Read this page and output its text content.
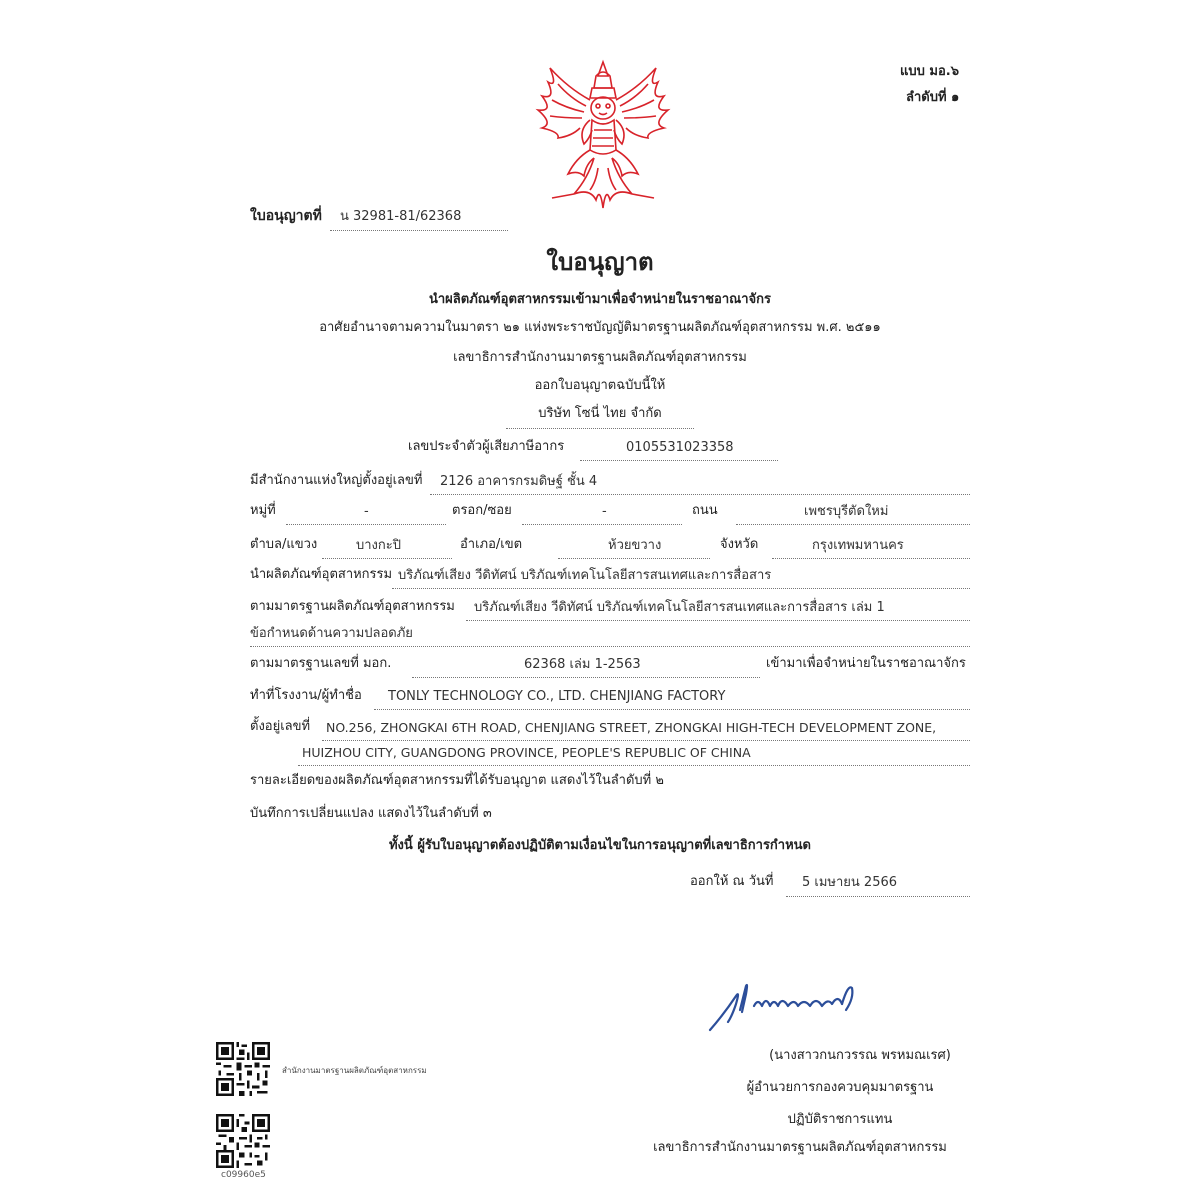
แบบ มอ.๖
ลำดับที่ ๑
ใบอนุญาตที่ น 32981-81/62368
ใบอนุญาต
นำผลิตภัณฑ์อุตสาหกรรมเข้ามาเพื่อจำหน่ายในราชอาณาจักร
อาศัยอำนาจตามความในมาตรา ๒๑ แห่งพระราชบัญญัติมาตรฐานผลิตภัณฑ์อุตสาหกรรม พ.ศ. ๒๕๑๑
เลขาธิการสำนักงานมาตรฐานผลิตภัณฑ์อุตสาหกรรม
ออกใบอนุญาตฉบับนี้ให้
บริษัท โซนี่ ไทย จำกัด
เลขประจำตัวผู้เสียภาษีอากร	0105531023358
มีสำนักงานแห่งใหญ่ตั้งอยู่เลขที่ 2126 อาคารกรมดิษฐ์ ชั้น 4
หมู่ที่	-	ตรอก/ซอย	-	ถนน	เพชรบุรีตัดใหม่
ตำบล/แขวง	บางกะปิ	อำเภอ/เขต	ห้วยขวาง	จังหวัด	กรุงเทพมหานคร
นำผลิตภัณฑ์อุตสาหกรรม บริภัณฑ์เสียง วีดิทัศน์ บริภัณฑ์เทคโนโลยีสารสนเทศและการสื่อสาร
ตามมาตรฐานผลิตภัณฑ์อุตสาหกรรม บริภัณฑ์เสียง วีดิทัศน์ บริภัณฑ์เทคโนโลยีสารสนเทศและการสื่อสาร เล่ม 1
ข้อกำหนดด้านความปลอดภัย
ตามมาตรฐานเลขที่ มอก.	62368 เล่ม 1-2563	เข้ามาเพื่อจำหน่ายในราชอาณาจักร
ทำที่โรงงาน/ผู้ทำชื่อ TONLY TECHNOLOGY CO., LTD. CHENJIANG FACTORY
ตั้งอยู่เลขที่ NO.256, ZHONGKAI 6TH ROAD, CHENJIANG STREET, ZHONGKAI HIGH-TECH DEVELOPMENT ZONE,
HUIZHOU CITY, GUANGDONG PROVINCE, PEOPLE'S REPUBLIC OF CHINA
รายละเอียดของผลิตภัณฑ์อุตสาหกรรมที่ได้รับอนุญาต แสดงไว้ในลำดับที่ ๒
บันทึกการเปลี่ยนแปลง แสดงไว้ในลำดับที่ ๓
ทั้งนี้ ผู้รับใบอนุญาตต้องปฏิบัติตามเงื่อนไขในการอนุญาตที่เลขาธิการกำหนด
ออกให้ ณ วันที่ 5 เมษายน 2566
(นางสาวกนกวรรณ พรหมณเรศ)
ผู้อำนวยการกองควบคุมมาตรฐาน
ปฏิบัติราชการแทน
เลขาธิการสำนักงานมาตรฐานผลิตภัณฑ์อุตสาหกรรม
สำนักงานมาตรฐานผลิตภัณฑ์อุตสาหกรรม
c09960e5
